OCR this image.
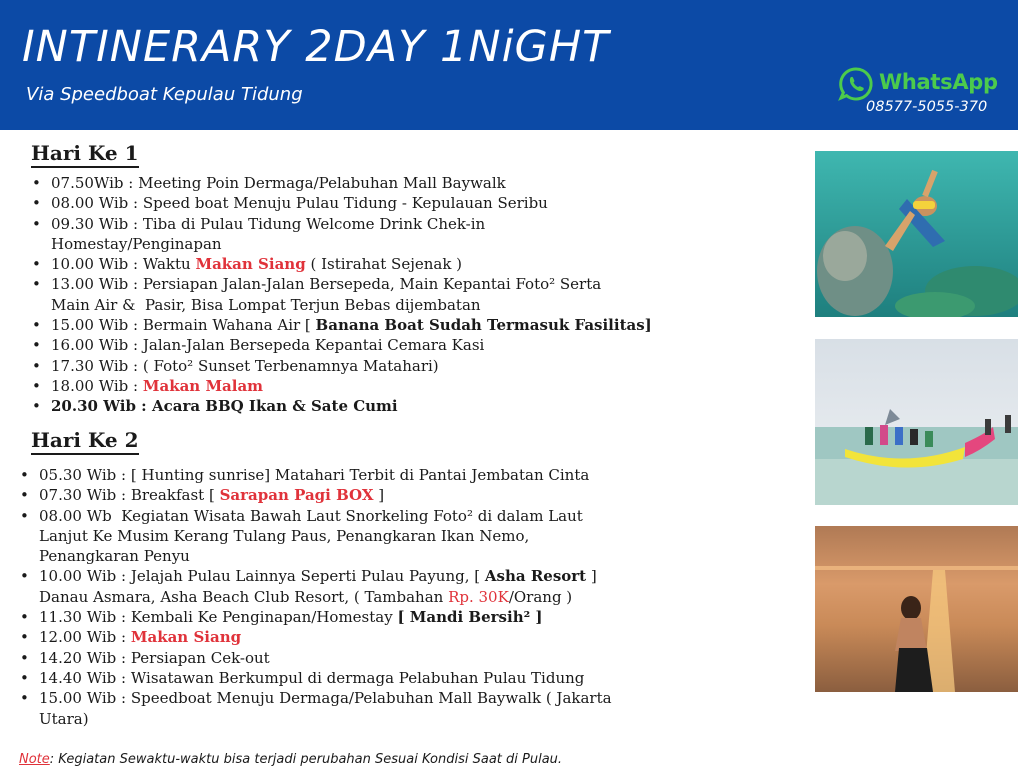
INTINERARY 2DAY 1NiGHT
Via Speedboat Kepulau Tidung
WhatsApp
08577-5055-370
Hari Ke 1
• 07.50Wib : Meeting Poin Dermaga/Pelabuhan Mall Baywalk
• 08.00 Wib : Speed boat Menuju Pulau Tidung - Kepulauan Seribu
• 09.30 Wib : Tiba di Pulau Tidung Welcome Drink Chek-in
Homestay/Penginapan
• 10.00 Wib : Waktu Makan Siang ( Istirahat Sejenak )
• 13.00 Wib : Persiapan Jalan-Jalan Bersepeda, Main Kepantai Foto² Serta
Main Air &  Pasir, Bisa Lompat Terjun Bebas dijembatan
• 15.00 Wib : Bermain Wahana Air [ Banana Boat Sudah Termasuk Fasilitas]
• 16.00 Wib : Jalan-Jalan Bersepeda Kepantai Cemara Kasi
• 17.30 Wib : ( Foto² Sunset Terbenamnya Matahari)
• 18.00 Wib : Makan Malam
• 20.30 Wib : Acara BBQ Ikan & Sate Cumi
Hari Ke 2
• 05.30 Wib : [ Hunting sunrise] Matahari Terbit di Pantai Jembatan Cinta
• 07.30 Wib : Breakfast [ Sarapan Pagi BOX ]
• 08.00 Wb  Kegiatan Wisata Bawah Laut Snorkeling Foto² di dalam Laut
Lanjut Ke Musim Kerang Tulang Paus, Penangkaran Ikan Nemo,
Penangkaran Penyu
• 10.00 Wib : Jelajah Pulau Lainnya Seperti Pulau Payung, [ Asha Resort ]
Danau Asmara, Asha Beach Club Resort, ( Tambahan Rp. 30K/Orang )
• 11.30 Wib : Kembali Ke Penginapan/Homestay [ Mandi Bersih² ]
• 12.00 Wib : Makan Siang
• 14.20 Wib : Persiapan Cek-out
• 14.40 Wib : Wisatawan Berkumpul di dermaga Pelabuhan Pulau Tidung
• 15.00 Wib : Speedboat Menuju Dermaga/Pelabuhan Mall Baywalk ( Jakarta
Utara)
Note: Kegiatan Sewaktu-waktu bisa terjadi perubahan Sesuai Kondisi Saat di Pulau.
